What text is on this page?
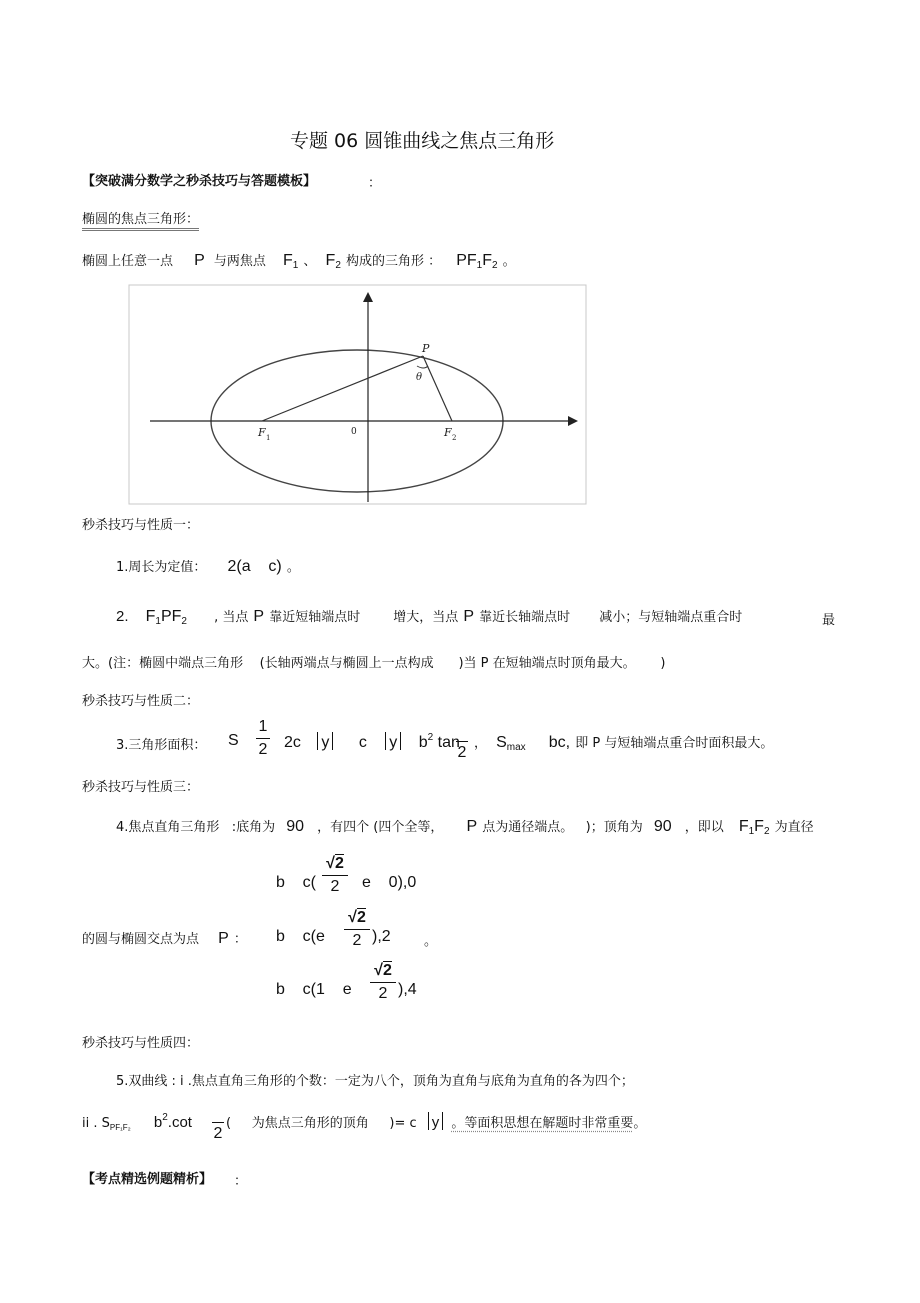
专题 06 圆锥曲线之焦点三角形
【突破满分数学之秒杀技巧与答题模板】	：
椭圆的焦点三角形：
椭圆上任意一点 P 与两焦点 F1 、 F2 构成的三角形 ： PF1F2 。
P
θ
F 1
0	F 2
秒杀技巧与性质一：
1.周长为定值： 2(a    c) 。
2. F1PF2 , 当点 P 靠近短轴端点时	增大，当点 P 靠近长轴端点时 减小；与短轴端点重合时	最
大。(注：椭圆中端点三角形    (长轴两端点与椭圆上一点构成      )当 P 在短轴端点时顶角最大。      )
秒杀技巧与性质二：
3.三角形面积： S
1
2 2c y c y $b^2$ tan
2
， Smax bc, 即 P 与短轴端点重合时面积最大。
秒杀技巧与性质三：
4.焦点直角三角形   :底角为 90 ，有四个 (四个全等， P 点为通径端点。   )；顶角为 90 ，即以 F1F2 为直径
b    c(
√2
2	e    0),0
的圆与椭圆交点为点 P ： b    c(e
√2
2 ),2	。
b    c(1    e
√2
2 ),4
秒杀技巧与性质四：
5.双曲线 : i .焦点直角三角形的个数：一定为八个，顶角为直角与底角为直角的各为四个；
ii . SPF₁F₂ $b^2.\cot$
2
(     为焦点三角形的顶角     )= c y 。等面积思想在解题时非常重要。
【考点精选例题精析】 ：
